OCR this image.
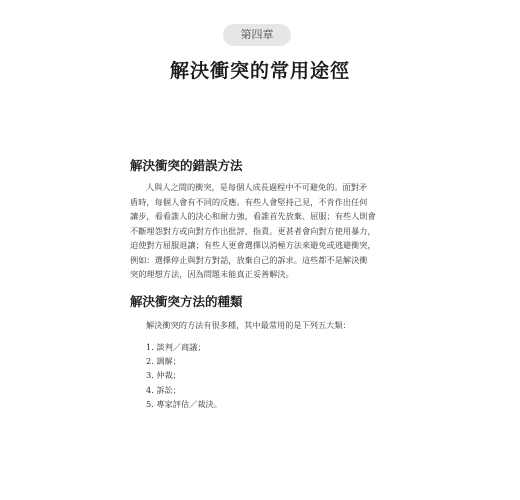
第四章
解決衝突的常用途徑
解決衝突的錯誤方法
人與人之間的衝突，是每個人成長過程中不可避免的。面對矛
盾時，每個人會有不同的反應。有些人會堅持己見，不肯作出任何
讓步，看看誰人的決心和耐力強，看誰首先放棄、屈服；有些人則會
不斷埋怨對方或向對方作出批評、指責。更甚者會向對方使用暴力，
迫使對方屈服退讓；有些人更會選擇以消極方法來避免或逃避衝突，
例如：選擇停止與對方對話，放棄自己的訴求。這些都不是解決衝
突的理想方法，因為問題未能真正妥善解決。
解決衝突方法的種類

解決衝突的方法有很多種，其中最常用的是下列五大類：

1. 談判／商議；
2. 調解；
3. 仲裁；
4. 訴訟；
5. 專家評估／裁決。
